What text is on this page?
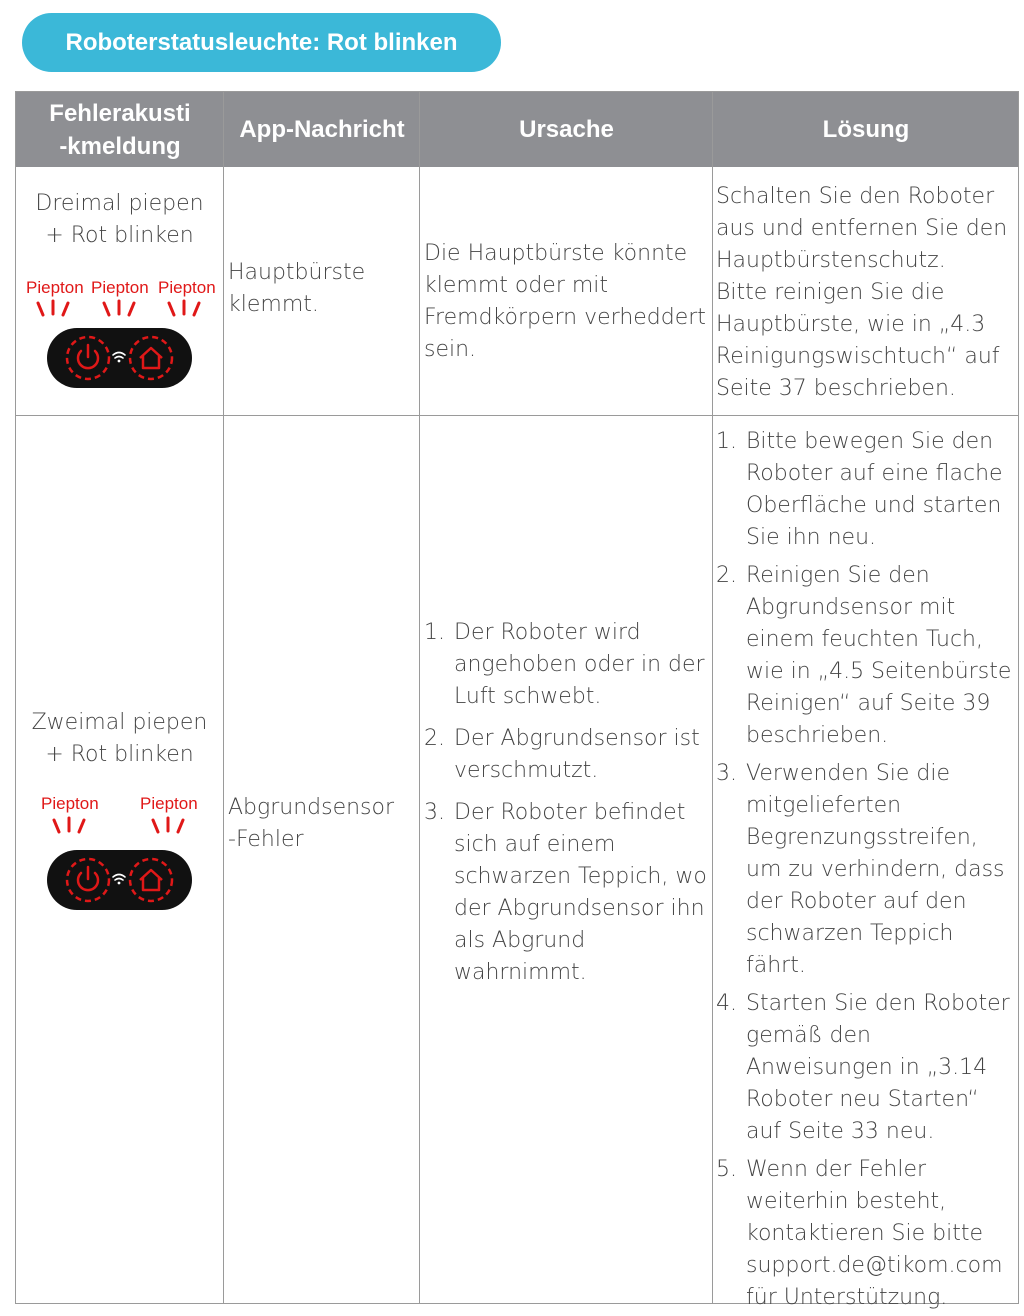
Roboterstatusleuchte: Rot blinken
Fehlerakusti
-kmeldung
App-Nachricht	Ursache	Lösung
Dreimal piepen
+ Rot blinken
Piepton Piepton Piepton
Hauptbürste
klemmt.
Die Hauptbürste könnte klemmt oder mit Fremdkörpern verheddert sein.
Schalten Sie den Roboter aus und entfernen Sie den Hauptbürstenschutz.
Bitte reinigen Sie die Hauptbürste, wie in „4.3 Reinigungswischtuch“ auf Seite 37 beschrieben.
Zweimal piepen
+ Rot blinken
Piepton Piepton Abgrundsensor
-Fehler
1. Der Roboter wird angehoben oder in der Luft schwebt.
2. Der Abgrundsensor ist verschmutzt.
3. Der Roboter befindet sich auf einem schwarzen Teppich, wo der Abgrundsensor ihn als Abgrund wahrnimmt.
1. Bitte bewegen Sie den Roboter auf eine flache Oberfläche und starten Sie ihn neu.
2. Reinigen Sie den Abgrundsensor mit einem feuchten Tuch, wie in „4.5 Seitenbürste Reinigen“ auf Seite 39 beschrieben.
3. Verwenden Sie die mitgelieferten Begrenzungsstreifen, um zu verhindern, dass der Roboter auf den schwarzen Teppich fährt.
4. Starten Sie den Roboter gemäß den Anweisungen in „3.14 Roboter neu Starten“ auf Seite 33 neu.
5. Wenn der Fehler weiterhin besteht, kontaktieren Sie bitte support.de@tikom.com für Unterstützung.
